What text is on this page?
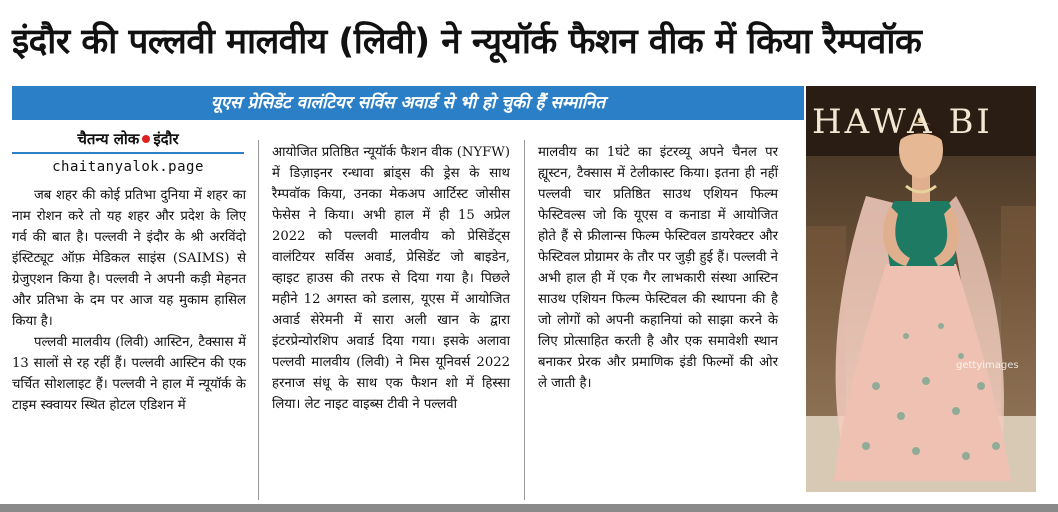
इंदौर की पल्लवी मालवीय (लिवी) ने न्यूयॉर्क फैशन वीक में किया रैम्पवॉक
यूएस प्रेसिडेंट वालंटियर सर्विस अवार्ड से भी हो चुकी हैं सम्मानित
चैतन्य लोक इंदौर
chaitanyalok.page

जब शहर की कोई प्रतिभा दुनिया में शहर का नाम रोशन करे तो यह शहर और प्रदेश के लिए गर्व की बात है। पल्लवी ने इंदौर के श्री अरविंदो इंस्टिट्यूट ऑफ़ मेडिकल साइंस (SAIMS) से ग्रेजुएशन किया है। पल्लवी ने अपनी कड़ी मेहनत और प्रतिभा के दम पर आज यह मुकाम हासिल किया है।

पल्लवी मालवीय (लिवी) आस्टिन, टैक्सास में 13 सालों से रह रहीं हैं। पल्लवी आस्टिन की एक चर्चित सोशलाइट हैं। पल्लवी ने हाल में न्यूयॉर्क के टाइम स्क्वायर स्थित होटल एडिशन में

आयोजित प्रतिष्ठित न्यूयॉर्क फैशन वीक (NYFW) में डिज़ाइनर रन्धावा ब्रांड्स की ड्रेस के साथ रैम्पवॉक किया, उनका मेकअप आर्टिस्ट जोसीस फेसेस ने किया। अभी हाल में ही 15 अप्रेल 2022 को पल्लवी मालवीय को प्रेसिडेंट्स वालंटियर सर्विस अवार्ड, प्रेसिडेंट जो बाइडेन, व्हाइट हाउस की तरफ से दिया गया है। पिछले महीने 12 अगस्त को डलास, यूएस में आयोजित अवार्ड सेरेमनी में सारा अली खान के द्वारा इंटरप्रेन्योरशिप अवार्ड दिया गया। इसके अलावा पल्लवी मालवीय (लिवी) ने मिस यूनिवर्स 2022 हरनाज संधू के साथ एक फैशन शो में हिस्सा लिया। लेट नाइट वाइब्स टीवी ने पल्लवी

मालवीय का 1घंटे का इंटरव्यू अपने चैनल पर ह्यूस्टन, टैक्सास में टेलीकास्ट किया। इतना ही नहीं पल्लवी चार प्रतिष्ठित साउथ एशियन फिल्म फेस्टिवल्स जो कि यूएस व कनाडा में आयोजित होते हैं से फ्रीलान्स फिल्म फेस्टिवल डायरेक्टर और फेस्टिवल प्रोग्रामर के तौर पर जुड़ी हुई हैं। पल्लवी ने अभी हाल ही में एक गैर लाभकारी संस्था आस्टिन साउथ एशियन फिल्म फेस्टिवल की स्थापना की है जो लोगों को अपनी कहानियां को साझा करने के लिए प्रोत्साहित करती है और एक समावेशी स्थान बनाकर प्रेरक और प्रमाणिक इंडी फिल्मों की ओर ले जाती है।

HAWA BI
gettyimages
